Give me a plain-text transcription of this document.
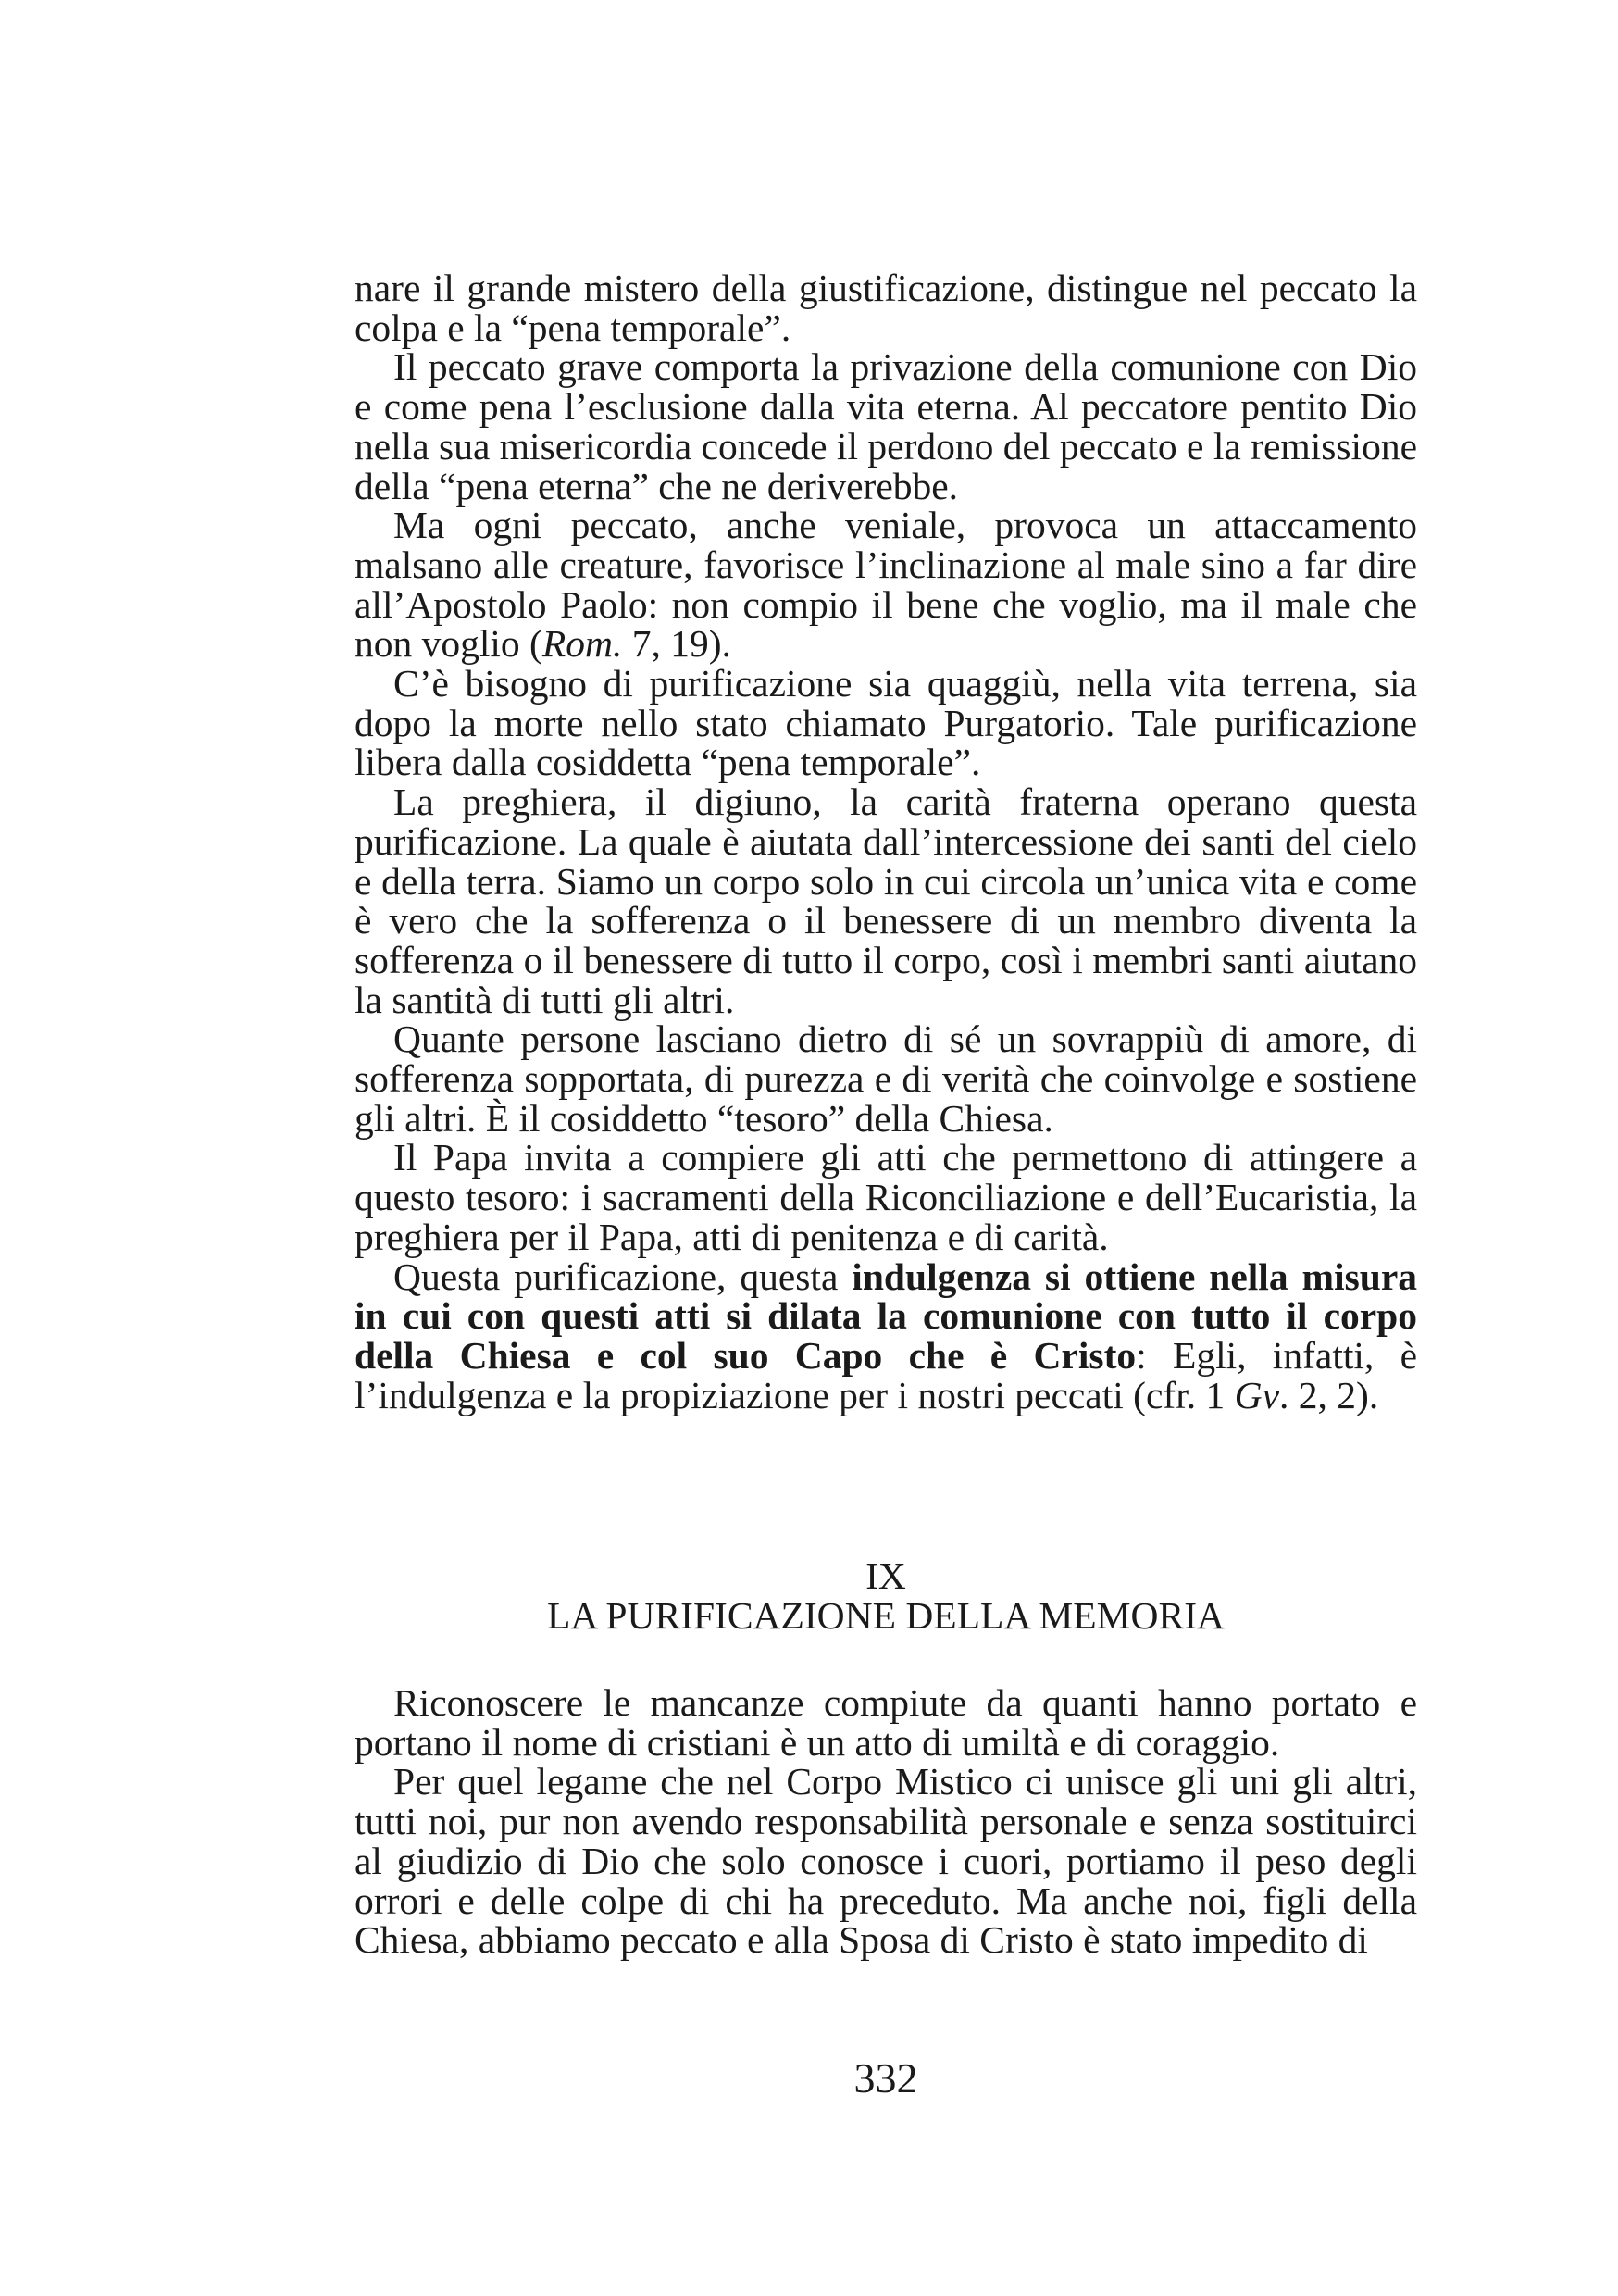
nare il grande mistero della giustificazione, distingue nel peccato la colpa e la “pena temporale”.

Il peccato grave comporta la privazione della comunione con Dio e come pena l’esclusione dalla vita eterna. Al peccatore pentito Dio nella sua misericordia concede il perdono del peccato e la remissione della “pena eterna” che ne deriverebbe.

Ma ogni peccato, anche veniale, provoca un attaccamento malsano alle creature, favorisce l’inclinazione al male sino a far dire all’Apostolo Paolo: non compio il bene che voglio, ma il male che non voglio (Rom. 7, 19).

C’è bisogno di purificazione sia quaggiù, nella vita terrena, sia dopo la morte nello stato chiamato Purgatorio. Tale purificazione libera dalla cosiddetta “pena temporale”.

La preghiera, il digiuno, la carità fraterna operano questa purificazione. La quale è aiutata dall’intercessione dei santi del cielo e della terra. Siamo un corpo solo in cui circola un’unica vita e come è vero che la sofferenza o il benessere di un membro diventa la sofferenza o il benessere di tutto il corpo, così i membri santi aiutano la santità di tutti gli altri.

Quante persone lasciano dietro di sé un sovrappiù di amore, di sofferenza sopportata, di purezza e di verità che coinvolge e sostiene gli altri. È il cosiddetto “tesoro” della Chiesa.

Il Papa invita a compiere gli atti che permettono di attingere a questo tesoro: i sacramenti della Riconciliazione e dell’Eucaristia, la preghiera per il Papa, atti di penitenza e di carità.

Questa purificazione, questa indulgenza si ottiene nella misura in cui con questi atti si dilata la comunione con tutto il corpo della Chiesa e col suo Capo che è Cristo: Egli, infatti, è l’indulgenza e la propiziazione per i nostri peccati (cfr. 1 Gv. 2, 2).

IX
LA PURIFICAZIONE DELLA MEMORIA

Riconoscere le mancanze compiute da quanti hanno portato e portano il nome di cristiani è un atto di umiltà e di coraggio.

Per quel legame che nel Corpo Mistico ci unisce gli uni gli altri, tutti noi, pur non avendo responsabilità personale e senza sostituirci al giudizio di Dio che solo conosce i cuori, portiamo il peso degli orrori e delle colpe di chi ha preceduto. Ma anche noi, figli della Chiesa, abbiamo peccato e alla Sposa di Cristo è stato impedito di

332
